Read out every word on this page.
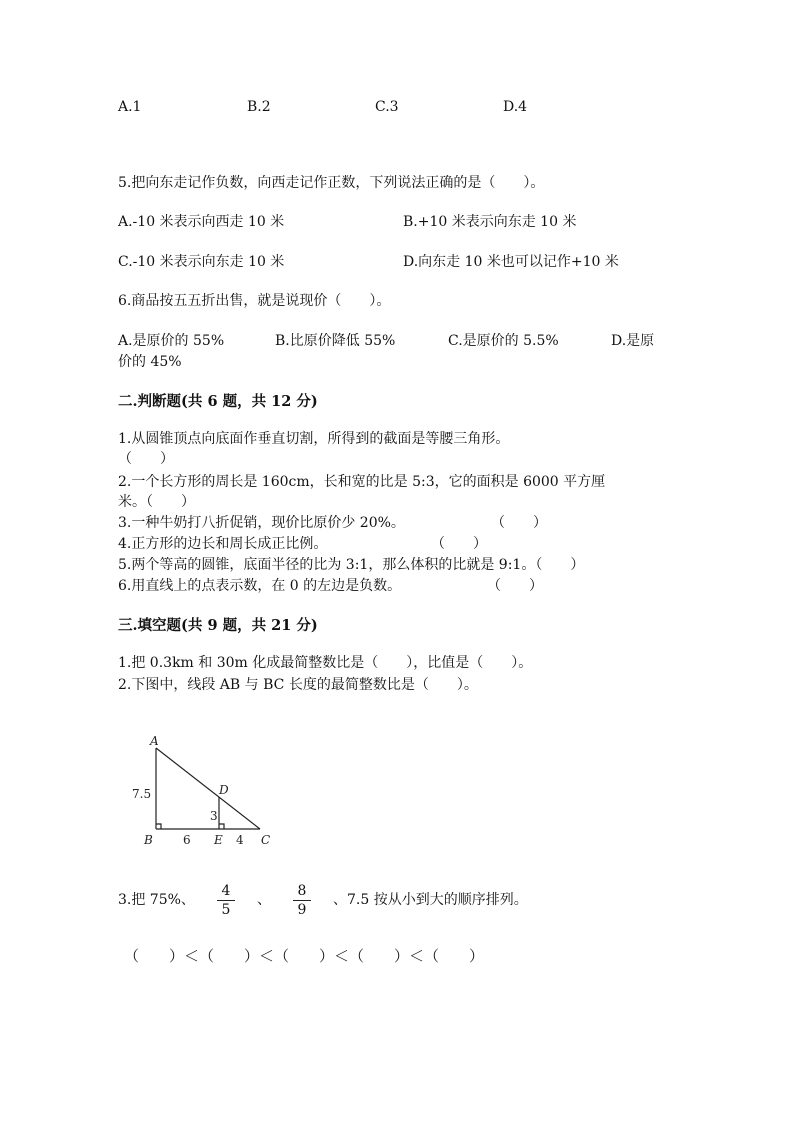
A.1	B.2	C.3	D.4
5.把向东走记作负数，向西走记作正数，下列说法正确的是（　　）。
A.-10 米表示向西走 10 米	B.+10 米表示向东走 10 米
C.-10 米表示向东走 10 米	D.向东走 10 米也可以记作+10 米
6.商品按五五折出售，就是说现价（　　）。
A.是原价的 55%	B.比原价降低 55%	C.是原价的 5.5%	D.是原
价的 45%
二.判断题(共 6 题，共 12 分)
1.从圆锥顶点向底面作垂直切割，所得到的截面是等腰三角形。
（　　）
2.一个长方形的周长是 160cm，长和宽的比是 5:3，它的面积是 6000 平方厘
米。（　　）
3.一种牛奶打八折促销，现价比原价少 20%。	（　　）
4.正方形的边长和周长成正比例。	（　　）
5.两个等高的圆锥，底面半径的比为 3:1，那么体积的比就是 9:1。（　　）
6.用直线上的点表示数，在 0 的左边是负数。	（　　）
三.填空题(共 9 题，共 21 分)
1.把 0.3km 和 30m 化成最简整数比是（　　），比值是（　　）。
2.下图中，线段 AB 与 BC 长度的最简整数比是（　　）。
A
B	C
D
E
7.5
3
6	4
3.把 75%、
4
5
、
8
9
、7.5 按从小到大的顺序排列。
（　　）＜（　　）＜（　　）＜（　　）＜（　　）
